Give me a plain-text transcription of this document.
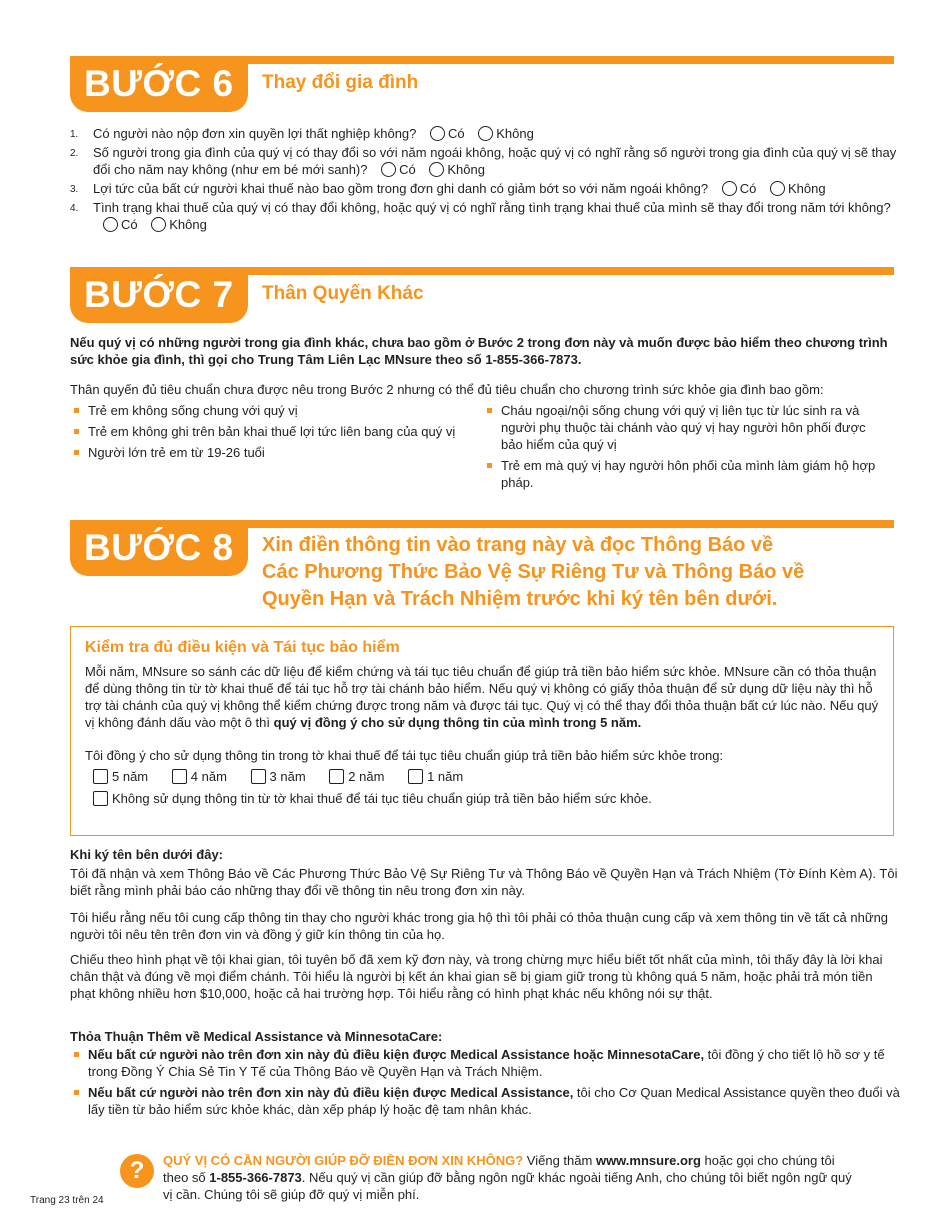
BƯỚC 6	Thay đổi gia đình
1. Có người nào nộp đơn xin quyền lợi thất nghiệp không? Có Không
2. Số người trong gia đình của quý vị có thay đổi so với năm ngoái không, hoặc quý vị có nghĩ rằng số người trong gia đình của quý vị sẽ thay đổi cho năm nay không (như em bé mới sanh)? Có Không
3. Lợi tức của bất cứ người khai thuế nào bao gồm trong đơn ghi danh có giảm bớt so với năm ngoái không? Có Không
4. Tình trạng khai thuế của quý vị có thay đổi không, hoặc quý vị có nghĩ rằng tình trạng khai thuế của mình sẽ thay đổi trong năm tới không? Có Không
BƯỚC 7	Thân Quyến Khác
Nếu quý vị có những người trong gia đình khác, chưa bao gồm ở Bước 2 trong đơn này và muốn được bảo hiểm theo chương trình sức khỏe gia đình, thì gọi cho Trung Tâm Liên Lạc MNsure theo số 1-855-366-7873.
Thân quyến đủ tiêu chuẩn chưa được nêu trong Bước 2 nhưng có thể đủ tiêu chuẩn cho chương trình sức khỏe gia đình bao gồm:
Trẻ em không sống chung với quý vị
Trẻ em không ghi trên bản khai thuế lợi tức liên bang của quý vị
Người lớn trẻ em từ 19-26 tuổi
Cháu ngoại/nội sống chung với quý vị liên tục từ lúc sinh ra và người phụ thuộc tài chánh vào quý vị hay người hôn phối được bảo hiểm của quý vị
Trẻ em mà quý vị hay người hôn phối của mình làm giám hộ hợp pháp.
BƯỚC 8	Xin điền thông tin vào trang này và đọc Thông Báo về
Các Phương Thức Bảo Vệ Sự Riêng Tư và Thông Báo về
Quyền Hạn và Trách Nhiệm trước khi ký tên bên dưới.
Kiểm tra đủ điều kiện và Tái tục bảo hiểm
Mỗi năm, MNsure so sánh các dữ liệu để kiểm chứng và tái tục tiêu chuẩn để giúp trả tiền bảo hiểm sức khỏe. MNsure cần có thỏa thuận để dùng thông tin từ tờ khai thuế để tái tục hỗ trợ tài chánh bảo hiểm. Nếu quý vị không có giấy thỏa thuận để sử dụng dữ liệu này thì hỗ trợ tài chánh của quý vị không thể kiểm chứng được trong năm và được tái tục. Quý vị có thể thay đổi thỏa thuận bất cứ lúc nào. Nếu quý vị không đánh dấu vào một ô thì quý vị đồng ý cho sử dụng thông tin của mình trong 5 năm.
Tôi đồng ý cho sử dụng thông tin trong tờ khai thuế để tái tục tiêu chuẩn giúp trả tiền bảo hiểm sức khỏe trong:
5 năm	4 năm	3 năm	2 năm	1 năm
Không sử dụng thông tin từ tờ khai thuế để tái tục tiêu chuẩn giúp trả tiền bảo hiểm sức khỏe.
Khi ký tên bên dưới đây:
Tôi đã nhận và xem Thông Báo về Các Phương Thức Bảo Vệ Sự Riêng Tư và Thông Báo về Quyền Hạn và Trách Nhiệm (Tờ Đính Kèm A). Tôi biết rằng mình phải báo cáo những thay đổi về thông tin nêu trong đơn xin này.
Tôi hiểu rằng nếu tôi cung cấp thông tin thay cho người khác trong gia hộ thì tôi phải có thỏa thuận cung cấp và xem thông tin về tất cả những người tôi nêu tên trên đơn vin và đồng ý giữ kín thông tin của họ.
Chiếu theo hình phạt về tội khai gian, tôi tuyên bố đã xem kỹ đơn này, và trong chừng mực hiểu biết tốt nhất của mình, tôi thấy đây là lời khai chân thật và đúng về mọi điểm chánh. Tôi hiểu là người bị kết án khai gian sẽ bị giam giữ trong tù không quá 5 năm, hoặc phải trả món tiền phạt không nhiều hơn $10,000, hoặc cả hai trường hợp. Tôi hiểu rằng có hình phạt khác nếu không nói sự thật.
Thỏa Thuận Thêm về Medical Assistance và MinnesotaCare:
Nếu bất cứ người nào trên đơn xin này đủ điều kiện được Medical Assistance hoặc MinnesotaCare, tôi đồng ý cho tiết lộ hồ sơ y tế trong Đồng Ý Chia Sẻ Tin Y Tế của Thông Báo về Quyền Hạn và Trách Nhiệm.
Nếu bất cứ người nào trên đơn xin này đủ điều kiện được Medical Assistance, tôi cho Cơ Quan Medical Assistance quyền theo đuổi và lấy tiền từ bảo hiểm sức khỏe khác, dàn xếp pháp lý hoặc đệ tam nhân khác.
?	QUÝ VỊ CÓ CẦN NGƯỜI GIÚP ĐỠ ĐIỀN ĐƠN XIN KHÔNG? Viếng thăm www.mnsure.org hoặc gọi cho chúng tôi theo số 1-855-366-7873. Nếu quý vị cần giúp đỡ bằng ngôn ngữ khác ngoài tiếng Anh, cho chúng tôi biết ngôn ngữ quý vị cần. Chúng tôi sẽ giúp đỡ quý vị miễn phí.
Trang 23 trên 24
